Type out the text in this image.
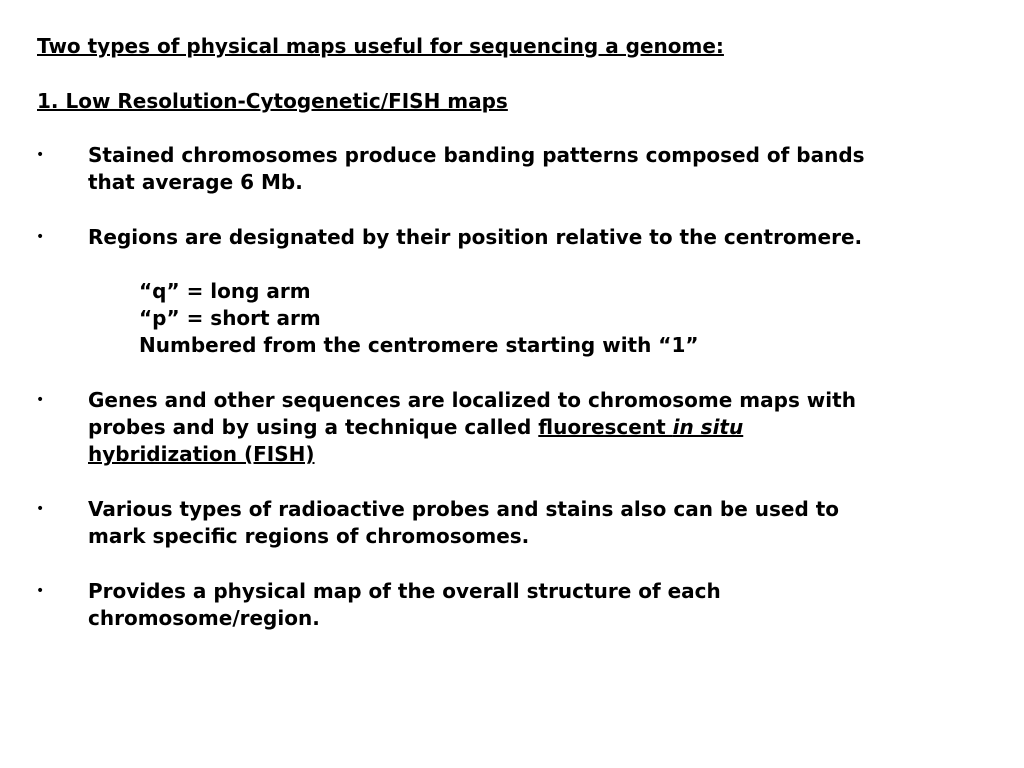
Two types of physical maps useful for sequencing a genome:
1. Low Resolution-Cytogenetic/FISH maps
• Stained chromosomes produce banding patterns composed of bands
that average 6 Mb.
• Regions are designated by their position relative to the centromere.
“q” = long arm
“p” = short arm
Numbered from the centromere starting with “1”
• Genes and other sequences are localized to chromosome maps with
probes and by using a technique called fluorescent in situ
hybridization (FISH)
• Various types of radioactive probes and stains also can be used to
mark specific regions of chromosomes.
• Provides a physical map of the overall structure of each
chromosome/region.
